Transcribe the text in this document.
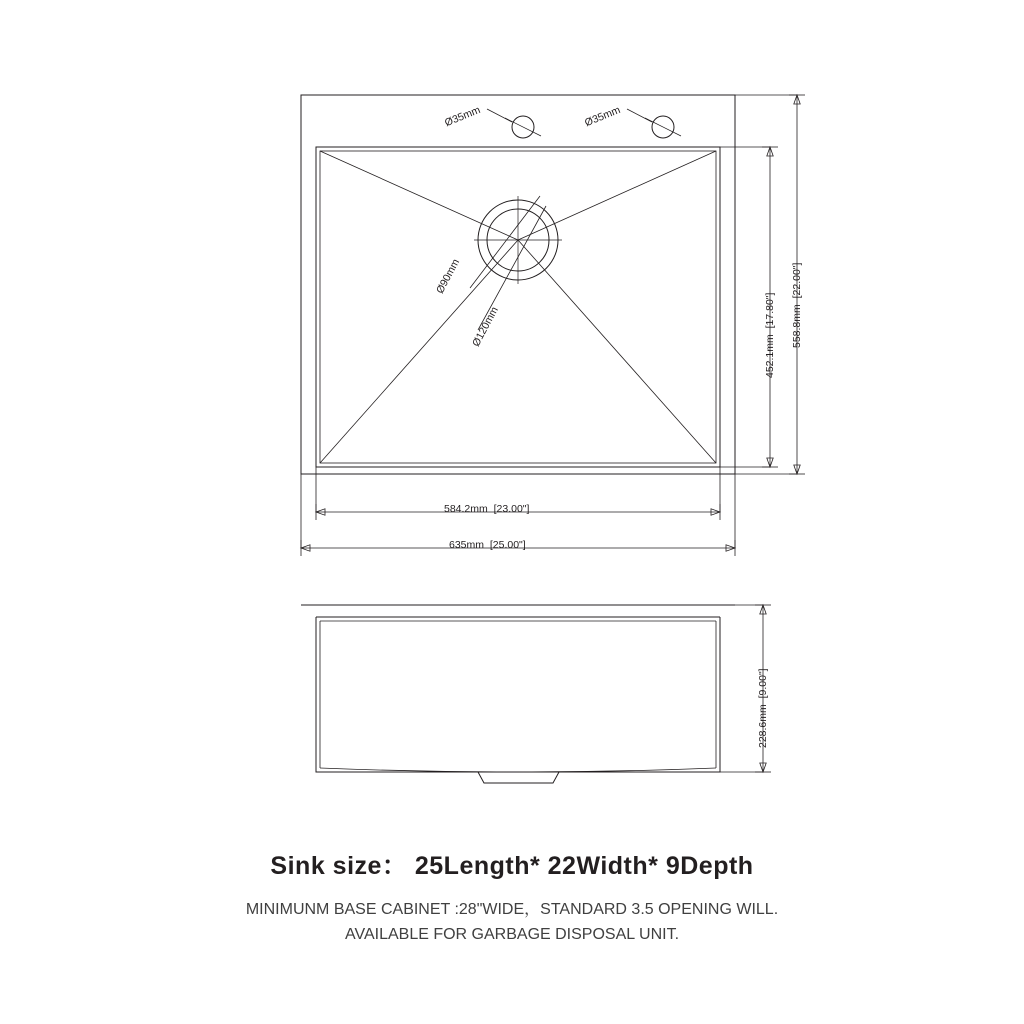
Ø35mm	Ø35mm
Ø90mm
Ø120mm	452.1mm  [17.80"] 558.8mm  [22.00"]
584.2mm  [23.00"]
635mm  [25.00"]
228.6mm  [9.00"]

Sink size： 25Length* 22Width* 9Depth

MINIMUNM BASE CABINET :28"WIDE，STANDARD 3.5 OPENING WILL.

AVAILABLE FOR GARBAGE DISPOSAL UNIT.
